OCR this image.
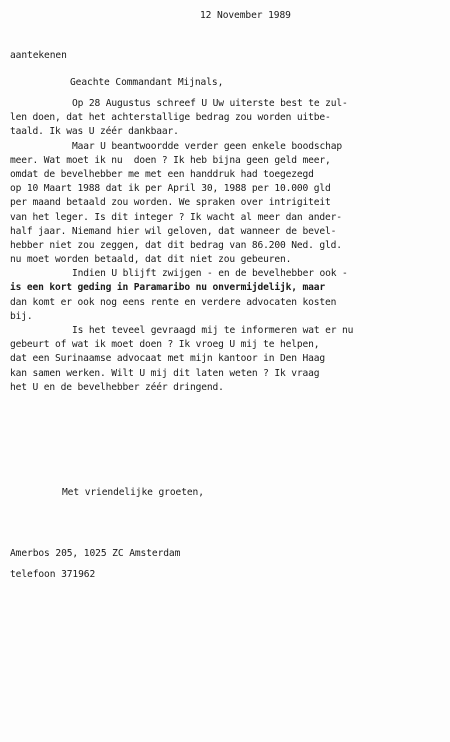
12 November 1989
aantekenen
Geachte Commandant Mijnals,
Op 28 Augustus schreef U Uw uiterste best te zul-
len doen, dat het achterstallige bedrag zou worden uitbe-
taald. Ik was U zéér dankbaar.
Maar U beantwoordde verder geen enkele boodschap
meer. Wat moet ik nu  doen ? Ik heb bijna geen geld meer,
omdat de bevelhebber me met een handdruk had toegezegd
op 10 Maart 1988 dat ik per April 30, 1988 per 10.000 gld
per maand betaald zou worden. We spraken over intrigiteit
van het leger. Is dit integer ? Ik wacht al meer dan ander-
half jaar. Niemand hier wil geloven, dat wanneer de bevel-
hebber niet zou zeggen, dat dit bedrag van 86.200 Ned. gld.
nu moet worden betaald, dat dit niet zou gebeuren.
Indien U blijft zwijgen - en de bevelhebber ook -
is een kort geding in Paramaribo nu onvermijdelijk, maar
dan komt er ook nog eens rente en verdere advocaten kosten
bij.
Is het teveel gevraagd mij te informeren wat er nu
gebeurt of wat ik moet doen ? Ik vroeg U mij te helpen,
dat een Surinaamse advocaat met mijn kantoor in Den Haag
kan samen werken. Wilt U mij dit laten weten ? Ik vraag
het U en de bevelhebber zéér dringend.
Met vriendelijke groeten,
Amerbos 205, 1025 ZC Amsterdam
telefoon 371962
